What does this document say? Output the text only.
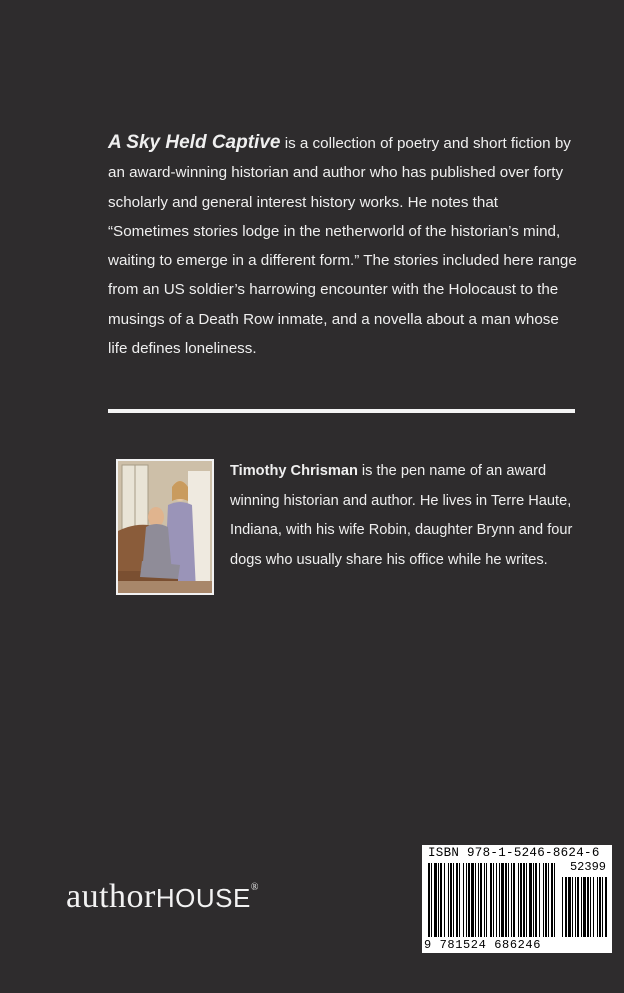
A Sky Held Captive is a collection of poetry and short fiction by an award-winning historian and author who has published over forty scholarly and general interest history works. He notes that “Sometimes stories lodge in the netherworld of the historian’s mind, waiting to emerge in a different form.” The stories included here range from an US soldier’s harrowing encounter with the Holocaust to the musings of a Death Row inmate, and a novella about a man whose life defines loneliness.
Timothy Chrisman is the pen name of an award winning historian and author. He lives in Terre Haute, Indiana, with his wife Robin, daughter Brynn and four dogs who usually share his office while he writes.
authorHOUSE®
ISBN 978-1-5246-8624-6
52399
9 781524 686246
